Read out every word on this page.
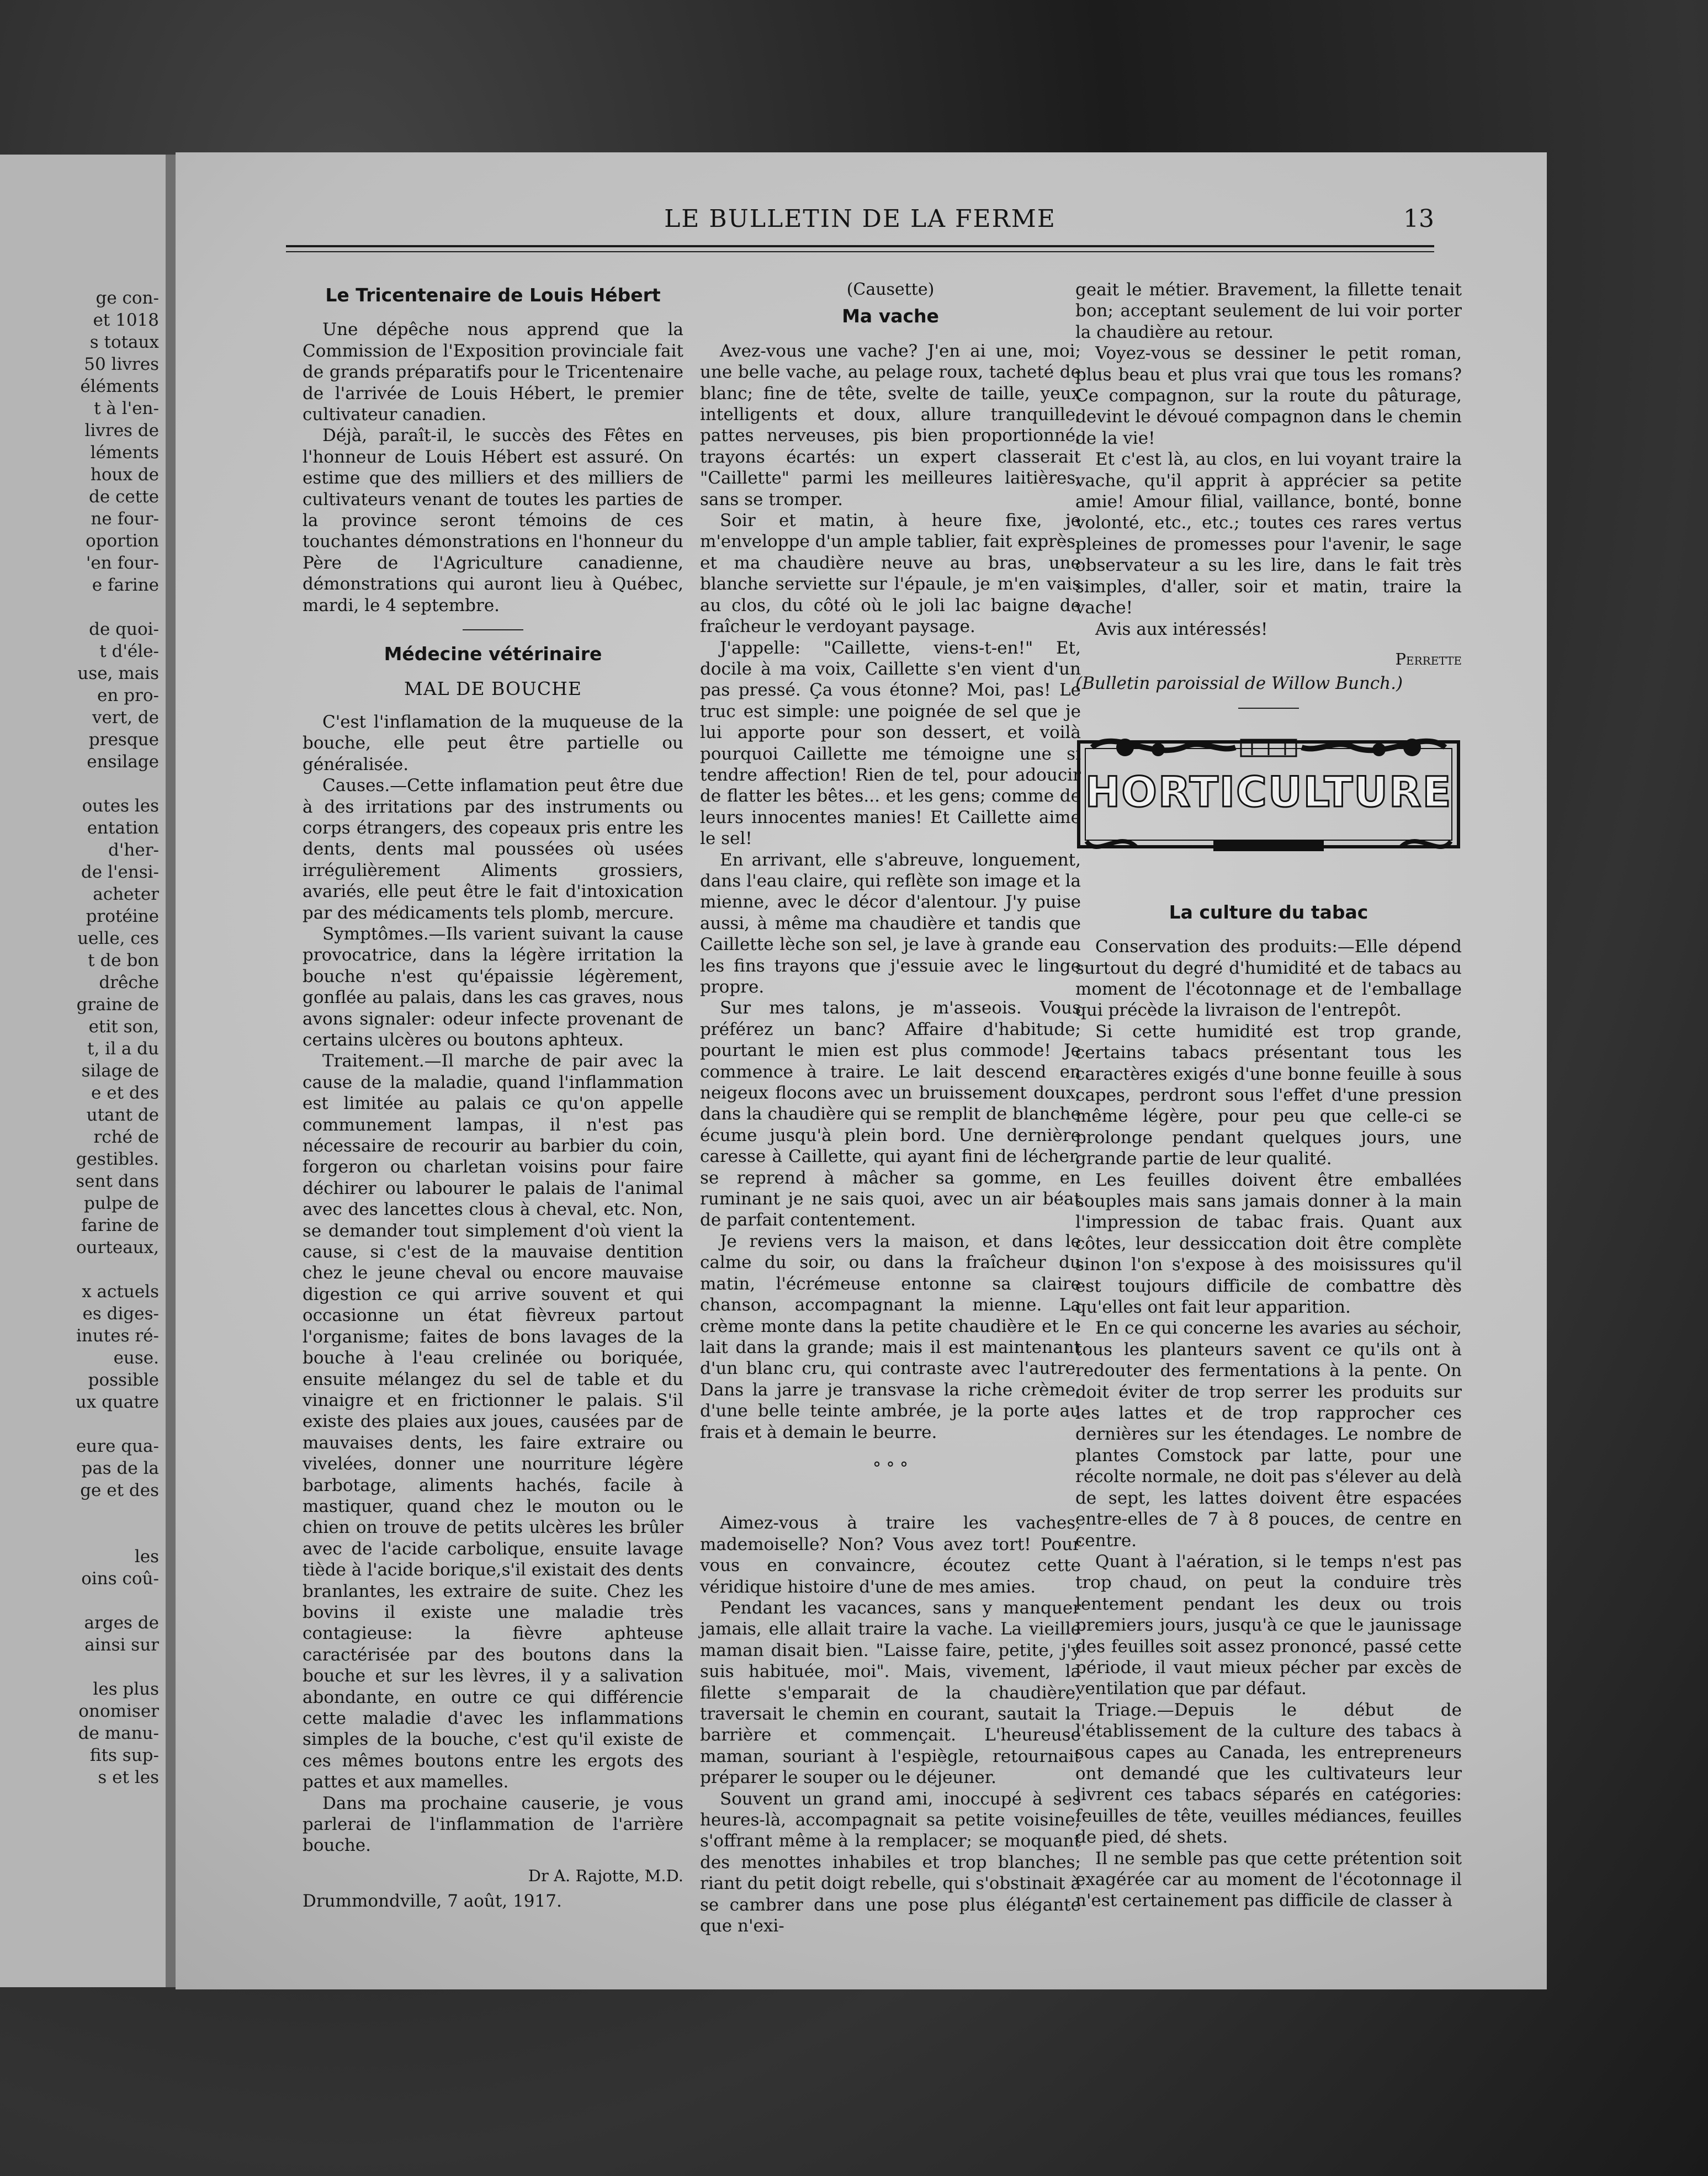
ge con-
et 1018
s totaux
50 livres
éléments
t à l'en-
livres de
léments
houx de
de cette
ne four-
oportion
'en four-
e farine
de quoi-
t d'éle-
use, mais
en pro-
vert, de
presque
ensilage
outes les
entation
d'her-
de l'ensi-
acheter
protéine
uelle, ces
t de bon
drêche
graine de
etit son,
t, il a du
silage de
e et des
utant de
rché de
gestibles.
sent dans
pulpe de
farine de
ourteaux,
x actuels
es diges-
inutes ré-
euse.
possible
ux quatre
eure qua-
pas de la
ge et des
les
oins coû-
arges de
ainsi sur
les plus
onomiser
de manu-
fits sup-
s et les
LE BULLETIN DE LA FERME	13
Le Tricentenaire de Louis Hébert

Une dépêche nous apprend que la Commission de l'Exposition provinciale fait de grands préparatifs pour le Tricentenaire de l'arrivée de Louis Hébert, le premier cultivateur canadien.

Déjà, paraît-il, le succès des Fêtes en l'honneur de Louis Hébert est assuré. On estime que des milliers et des milliers de cultivateurs venant de toutes les parties de la province seront témoins de ces touchantes démonstrations en l'honneur du Père de l'Agriculture canadienne, démonstrations qui auront lieu à Québec, mardi, le 4 septembre.

Médecine vétérinaire
MAL DE BOUCHE

C'est l'inflamation de la muqueuse de la bouche, elle peut être partielle ou généralisée.

Causes.—Cette inflamation peut être due à des irritations par des instruments ou corps étrangers, des copeaux pris entre les dents, dents mal poussées où usées irrégulièrement Aliments grossiers, avariés, elle peut être le fait d'intoxication par des médicaments tels plomb, mercure.

Symptômes.—Ils varient suivant la cause provocatrice, dans la légère irritation la bouche n'est qu'épaissie légèrement, gonflée au palais, dans les cas graves, nous avons signaler: odeur infecte provenant de certains ulcères ou boutons aphteux.

Traitement.—Il marche de pair avec la cause de la maladie, quand l'inflammation est limitée au palais ce qu'on appelle communement lampas, il n'est pas nécessaire de recourir au barbier du coin, forgeron ou charletan voisins pour faire déchirer ou labourer le palais de l'animal avec des lancettes clous à cheval, etc. Non, se demander tout simplement d'où vient la cause, si c'est de la mauvaise dentition chez le jeune cheval ou encore mauvaise digestion ce qui arrive souvent et qui occasionne un état fièvreux partout l'organisme; faites de bons lavages de la bouche à l'eau crelinée ou boriquée, ensuite mélangez du sel de table et du vinaigre et en frictionner le palais. S'il existe des plaies aux joues, causées par de mauvaises dents, les faire extraire ou vivelées, donner une nourriture légère barbotage, aliments hachés, facile à mastiquer, quand chez le mouton ou le chien on trouve de petits ulcères les brûler avec de l'acide carbolique, ensuite lavage tiède à l'acide borique,s'il existait des dents branlantes, les extraire de suite. Chez les bovins il existe une maladie très contagieuse: la fièvre aphteuse caractérisée par des boutons dans la bouche et sur les lèvres, il y a salivation abondante, en outre ce qui différencie cette maladie d'avec les inflammations simples de la bouche, c'est qu'il existe de ces mêmes boutons entre les ergots des pattes et aux mamelles.

Dans ma prochaine causerie, je vous parlerai de l'inflammation de l'arrière bouche.

Dr A. Rajotte, M.D.

Drummondville, 7 août, 1917.

(Causette)
Ma vache

Avez-vous une vache? J'en ai une, moi; une belle vache, au pelage roux, tacheté de blanc; fine de tête, svelte de taille, yeux intelligents et doux, allure tranquille, pattes nerveuses, pis bien proportionné, trayons écartés: un expert classerait "Caillette" parmi les meilleures laitières, sans se tromper.

Soir et matin, à heure fixe, je m'enveloppe d'un ample tablier, fait exprès, et ma chaudière neuve au bras, une blanche serviette sur l'épaule, je m'en vais au clos, du côté où le joli lac baigne de fraîcheur le verdoyant paysage.

J'appelle: "Caillette, viens-t-en!" Et, docile à ma voix, Caillette s'en vient d'un pas pressé. Ça vous étonne? Moi, pas! Le truc est simple: une poignée de sel que je lui apporte pour son dessert, et voilà pourquoi Caillette me témoigne une si tendre affection! Rien de tel, pour adoucir de flatter les bêtes... et les gens; comme de leurs innocentes manies! Et Caillette aime le sel!

En arrivant, elle s'abreuve, longuement, dans l'eau claire, qui reflète son image et la mienne, avec le décor d'alentour. J'y puise aussi, à même ma chaudière et tandis que Caillette lèche son sel, je lave à grande eau les fins trayons que j'essuie avec le linge propre.

Sur mes talons, je m'asseois. Vous préférez un banc? Affaire d'habitude; pourtant le mien est plus commode! Je commence à traire. Le lait descend en neigeux flocons avec un bruissement doux, dans la chaudière qui se remplit de blanche écume jusqu'à plein bord. Une dernière caresse à Caillette, qui ayant fini de lécher, se reprend à mâcher sa gomme, en ruminant je ne sais quoi, avec un air béat de parfait contentement.

Je reviens vers la maison, et dans le calme du soir, ou dans la fraîcheur du matin, l'écrémeuse entonne sa claire chanson, accompagnant la mienne. La crème monte dans la petite chaudière et le lait dans la grande; mais il est maintenant d'un blanc cru, qui contraste avec l'autre. Dans la jarre je transvase la riche crème, d'une belle teinte ambrée, je la porte au frais et à demain le beurre.

° ° °

Aimez-vous à traire les vaches, mademoiselle? Non? Vous avez tort! Pour vous en convaincre, écoutez cette véridique histoire d'une de mes amies.

Pendant les vacances, sans y manquer jamais, elle allait traire la vache. La vieille maman disait bien. "Laisse faire, petite, j'y suis habituée, moi". Mais, vivement, la filette s'emparait de la chaudière, traversait le chemin en courant, sautait la barrière et commençait. L'heureuse maman, souriant à l'espiègle, retournait préparer le souper ou le déjeuner.

Souvent un grand ami, inoccupé à ses heures-là, accompagnait sa petite voisine; s'offrant même à la remplacer; se moquant des menottes inhabiles et trop blanches; riant du petit doigt rebelle, qui s'obstinait à se cambrer dans une pose plus élégante que n'exi-

geait le métier. Bravement, la fillette tenait bon; acceptant seulement de lui voir porter la chaudière au retour.

Voyez-vous se dessiner le petit roman, plus beau et plus vrai que tous les romans? Ce compagnon, sur la route du pâturage, devint le dévoué compagnon dans le chemin de la vie!

Et c'est là, au clos, en lui voyant traire la vache, qu'il apprit à apprécier sa petite amie! Amour filial, vaillance, bonté, bonne volonté, etc., etc.; toutes ces rares vertus pleines de promesses pour l'avenir, le sage observateur a su les lire, dans le fait très simples, d'aller, soir et matin, traire la vache!

Avis aux intéressés!

Perrette

(Bulletin paroissial de Willow Bunch.)

HORTICULTURE
La culture du tabac

Conservation des produits:—Elle dépend surtout du degré d'humidité et de tabacs au moment de l'écotonnage et de l'emballage qui précède la livraison de l'entrepôt.

Si cette humidité est trop grande, certains tabacs présentant tous les caractères exigés d'une bonne feuille à sous capes, perdront sous l'effet d'une pression même légère, pour peu que celle-ci se prolonge pendant quelques jours, une grande partie de leur qualité.

Les feuilles doivent être emballées souples mais sans jamais donner à la main l'impression de tabac frais. Quant aux côtes, leur dessiccation doit être complète sinon l'on s'expose à des moisissures qu'il est toujours difficile de combattre dès qu'elles ont fait leur apparition.

En ce qui concerne les avaries au séchoir, tous les planteurs savent ce qu'ils ont à redouter des fermentations à la pente. On doit éviter de trop serrer les produits sur les lattes et de trop rapprocher ces dernières sur les étendages. Le nombre de plantes Comstock par latte, pour une récolte normale, ne doit pas s'élever au delà de sept, les lattes doivent être espacées entre-elles de 7 à 8 pouces, de centre en centre.

Quant à l'aération, si le temps n'est pas trop chaud, on peut la conduire très lentement pendant les deux ou trois premiers jours, jusqu'à ce que le jaunissage des feuilles soit assez prononcé, passé cette période, il vaut mieux pécher par excès de ventilation que par défaut.

Triage.—Depuis le début de l'établissement de la culture des tabacs à sous capes au Canada, les entrepreneurs ont demandé que les cultivateurs leur livrent ces tabacs séparés en catégories: feuilles de tête, veuilles médiances, feuilles de pied, dé shets.

Il ne semble pas que cette prétention soit exagérée car au moment de l'écotonnage il n'est certainement pas difficile de classer à
